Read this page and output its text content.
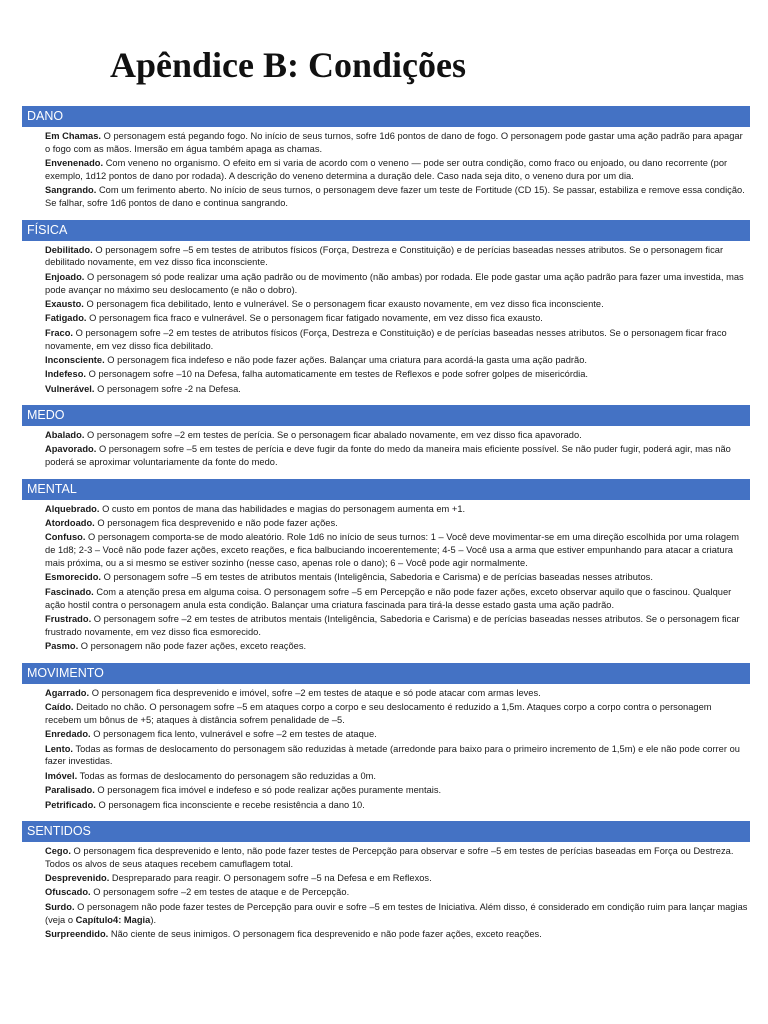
Apêndice B: Condições
DANO

Em Chamas. O personagem está pegando fogo. No início de seus turnos, sofre 1d6 pontos de dano de fogo. O personagem pode gastar uma ação padrão para apagar o fogo com as mãos. Imersão em água também apaga as chamas.

Envenenado. Com veneno no organismo. O efeito em si varia de acordo com o veneno — pode ser outra condição, como fraco ou enjoado, ou dano recorrente (por exemplo, 1d12 pontos de dano por rodada). A descrição do veneno determina a duração dele. Caso nada seja dito, o veneno dura por um dia.

Sangrando. Com um ferimento aberto. No início de seus turnos, o personagem deve fazer um teste de Fortitude (CD 15). Se passar, estabiliza e remove essa condição. Se falhar, sofre 1d6 pontos de dano e continua sangrando.

FÍSICA

Debilitado. O personagem sofre –5 em testes de atributos físicos (Força, Destreza e Constituição) e de perícias baseadas nesses atributos. Se o personagem ficar debilitado novamente, em vez disso fica inconsciente.

Enjoado. O personagem só pode realizar uma ação padrão ou de movimento (não ambas) por rodada. Ele pode gastar uma ação padrão para fazer uma investida, mas pode avançar no máximo seu deslocamento (e não o dobro).

Exausto. O personagem fica debilitado, lento e vulnerável. Se o personagem ficar exausto novamente, em vez disso fica inconsciente.

Fatigado. O personagem fica fraco e vulnerável. Se o personagem ficar fatigado novamente, em vez disso fica exausto.

Fraco. O personagem sofre –2 em testes de atributos físicos (Força, Destreza e Constituição) e de perícias baseadas nesses atributos. Se o personagem ficar fraco novamente, em vez disso fica debilitado.

Inconsciente. O personagem fica indefeso e não pode fazer ações. Balançar uma criatura para acordá-la gasta uma ação padrão.

Indefeso. O personagem sofre –10 na Defesa, falha automaticamente em testes de Reflexos e pode sofrer golpes de misericórdia.

Vulnerável. O personagem sofre -2 na Defesa.

MEDO

Abalado. O personagem sofre –2 em testes de perícia. Se o personagem ficar abalado novamente, em vez disso fica apavorado.

Apavorado. O personagem sofre –5 em testes de perícia e deve fugir da fonte do medo da maneira mais eficiente possível. Se não puder fugir, poderá agir, mas não poderá se aproximar voluntariamente da fonte do medo.

MENTAL

Alquebrado. O custo em pontos de mana das habilidades e magias do personagem aumenta em +1.

Atordoado. O personagem fica desprevenido e não pode fazer ações.

Confuso. O personagem comporta-se de modo aleatório. Role 1d6 no início de seus turnos: 1 – Você deve movimentar-se em uma direção escolhida por uma rolagem de 1d8; 2-3 – Você não pode fazer ações, exceto reações, e fica balbuciando incoerentemente; 4-5 – Você usa a arma que estiver empunhando para atacar a criatura mais próxima, ou a si mesmo se estiver sozinho (nesse caso, apenas role o dano); 6 – Você pode agir normalmente.

Esmorecido. O personagem sofre –5 em testes de atributos mentais (Inteligência, Sabedoria e Carisma) e de perícias baseadas nesses atributos.

Fascinado. Com a atenção presa em alguma coisa. O personagem sofre –5 em Percepção e não pode fazer ações, exceto observar aquilo que o fascinou. Qualquer ação hostil contra o personagem anula esta condição. Balançar uma criatura fascinada para tirá-la desse estado gasta uma ação padrão.

Frustrado. O personagem sofre –2 em testes de atributos mentais (Inteligência, Sabedoria e Carisma) e de perícias baseadas nesses atributos. Se o personagem ficar frustrado novamente, em vez disso fica esmorecido.

Pasmo. O personagem não pode fazer ações, exceto reações.

MOVIMENTO

Agarrado. O personagem fica desprevenido e imóvel, sofre –2 em testes de ataque e só pode atacar com armas leves.

Caído. Deitado no chão. O personagem sofre –5 em ataques corpo a corpo e seu deslocamento é reduzido a 1,5m. Ataques corpo a corpo contra o personagem recebem um bônus de +5; ataques à distância sofrem penalidade de –5.

Enredado. O personagem fica lento, vulnerável e sofre –2 em testes de ataque.

Lento. Todas as formas de deslocamento do personagem são reduzidas à metade (arredonde para baixo para o primeiro incremento de 1,5m) e ele não pode correr ou fazer investidas.

Imóvel. Todas as formas de deslocamento do personagem são reduzidas a 0m.

Paralisado. O personagem fica imóvel e indefeso e só pode realizar ações puramente mentais.

Petrificado. O personagem fica inconsciente e recebe resistência a dano 10.

SENTIDOS

Cego. O personagem fica desprevenido e lento, não pode fazer testes de Percepção para observar e sofre –5 em testes de perícias baseadas em Força ou Destreza. Todos os alvos de seus ataques recebem camuflagem total.

Desprevenido. Despreparado para reagir. O personagem sofre –5 na Defesa e em Reflexos.

Ofuscado. O personagem sofre –2 em testes de ataque e de Percepção.

Surdo. O personagem não pode fazer testes de Percepção para ouvir e sofre –5 em testes de Iniciativa. Além disso, é considerado em condição ruim para lançar magias (veja o Capítulo4: Magia).

Surpreendido. Não ciente de seus inimigos. O personagem fica desprevenido e não pode fazer ações, exceto reações.
